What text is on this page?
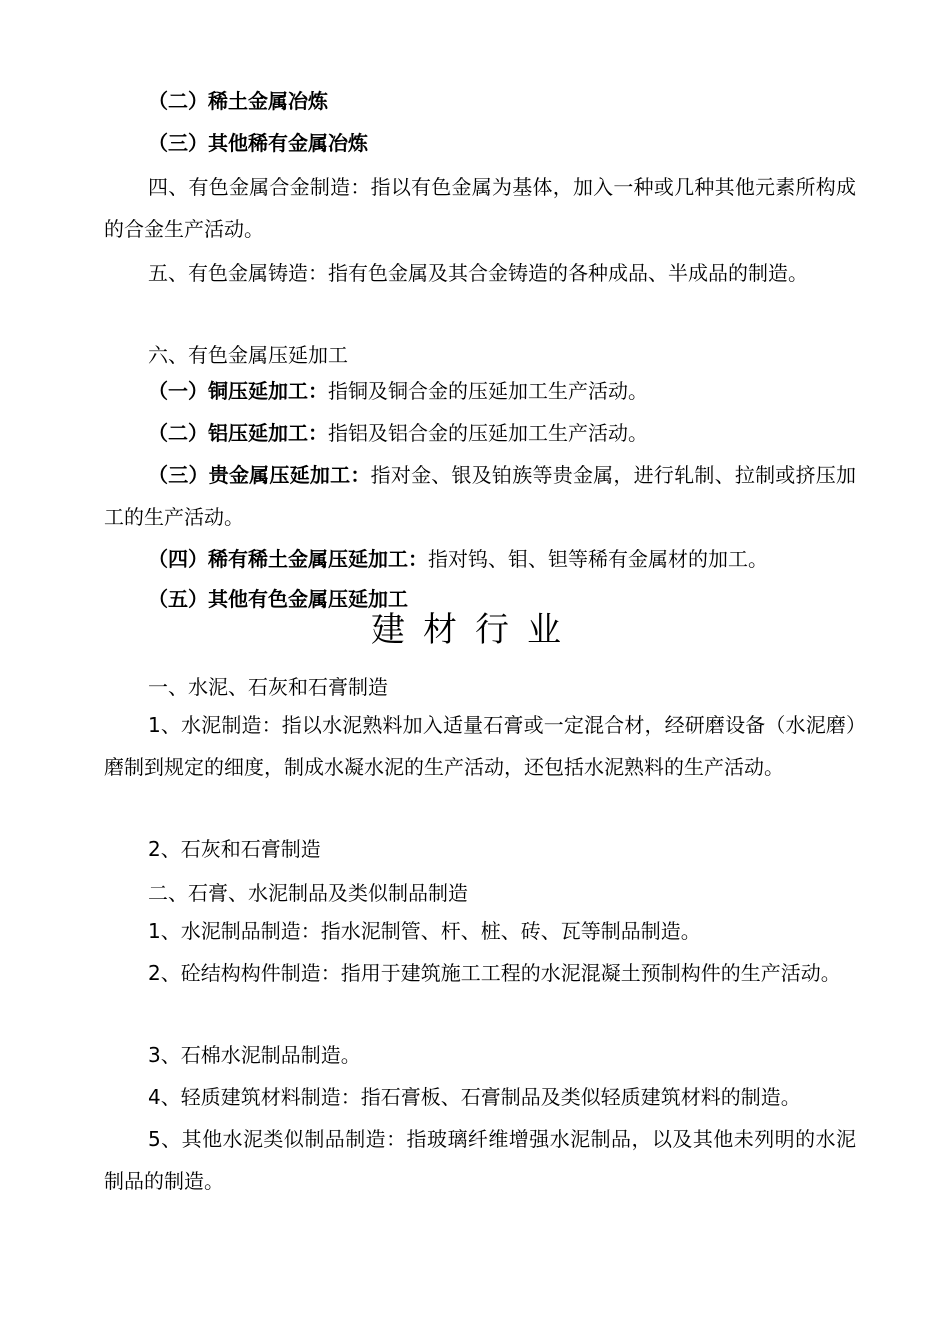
（二）稀土金属冶炼
（三）其他稀有金属冶炼
四、有色金属合金制造：指以有色金属为基体，加入一种或几种其他元素所构成的合金生产活动。
五、有色金属铸造：指有色金属及其合金铸造的各种成品、半成品的制造。
六、有色金属压延加工
（一）铜压延加工：指铜及铜合金的压延加工生产活动。
（二）铝压延加工：指铝及铝合金的压延加工生产活动。
（三）贵金属压延加工：指对金、银及铂族等贵金属，进行轧制、拉制或挤压加工的生产活动。
（四）稀有稀土金属压延加工：指对钨、钼、钽等稀有金属材的加工。
（五）其他有色金属压延加工
建材行业
一、水泥、石灰和石膏制造
1、水泥制造：指以水泥熟料加入适量石膏或一定混合材，经研磨设备（水泥磨）磨制到规定的细度，制成水凝水泥的生产活动，还包括水泥熟料的生产活动。
2、石灰和石膏制造
二、石膏、水泥制品及类似制品制造
1、水泥制品制造：指水泥制管、杆、桩、砖、瓦等制品制造。
2、砼结构构件制造：指用于建筑施工工程的水泥混凝土预制构件的生产活动。
3、石棉水泥制品制造。
4、轻质建筑材料制造：指石膏板、石膏制品及类似轻质建筑材料的制造。
5、其他水泥类似制品制造：指玻璃纤维增强水泥制品，以及其他未列明的水泥制品的制造。
